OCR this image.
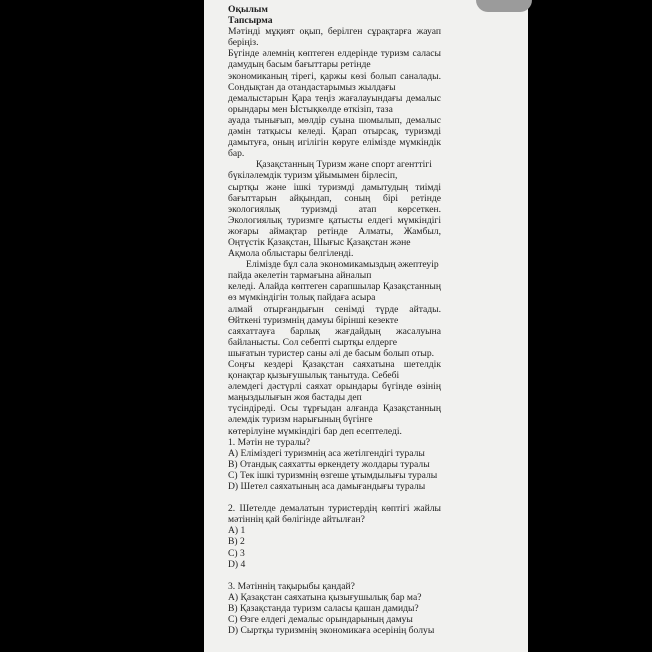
Оқылым
Тапсырма
Мәтінді мұқият оқып, берілген сұрақтарға жауап
беріңіз.
Бүгінде әлемнің көптеген елдерінде туризм саласы
дамудың басым бағыттары ретінде
экономиканың тірегі, қаржы көзі болып саналады.
Сондықтан да отандастарымыз жылдағы
демалыстарын Қара теңіз жағалауындағы демалыс
орындары мен Ыстықкөлде өткізіп, таза
ауада тынығып, мөлдір суына шомылып, демалыс
дәмін татқысы келеді. Қарап отырсақ, туризмді
дамытуға, оның игілігін көруге елімізде мүмкіндік
бар.
Қазақстанның Туризм және спорт агенттігі
бүкіләлемдік туризм ұйымымен бірлесіп,
сыртқы және ішкі туризмді дамытудың тиімді
бағыттарын айқындап, соның бірі ретінде
экологиялық туризмді атап көрсеткен.
Экологиялық туризмге қатысты елдегі мүмкіндігі
жоғары аймақтар ретінде Алматы, Жамбыл,
Оңтүстік Қазақстан, Шығыс Қазақстан және
Ақмола облыстары белгіленді.
Елімізде бұл сала экономикамыздың әжептеуір
пайда әкелетін тармағына айналып
келеді. Алайда көптеген сарапшылар Қазақстанның
өз мүмкіндігін толық пайдаға асыра
алмай отырғандығын сенімді түрде айтады.
Өйткені туризмнің дамуы бірінші кезекте
саяхаттауға барлық жағдайдың жасалуына
байланысты. Сол себепті сыртқы елдерге
шығатын туристер саны әлі де басым болып отыр.
Соңғы кездері Қазақстан саяхатына шетелдік
қонақтар қызығушылық танытуда. Себебі
әлемдегі дәстүрлі саяхат орындары бүгінде өзінің
маңыздылығын жоя бастады деп
түсіндіреді. Осы тұрғыдан алғанда Қазақстанның
әлемдік туризм нарығының бүгінге
көтерілуіне мүмкіндігі бар деп есептеледі.
1. Мәтін не туралы?
A) Еліміздегі туризмнің аса жетілгендігі туралы
B) Отандық саяхатты өркендету жолдары туралы
C) Тек ішкі туризмнің өзгеше ұтымдылығы туралы
D) Шетел саяхатының аса дамығандығы туралы
2. Шетелде демалатын туристердің көптігі жайлы
мәтіннің қай бөлігінде айтылған?
A) 1
B) 2
C) 3
D) 4
3. Мәтіннің тақырыбы қандай?
A) Қазақстан саяхатына қызығушылық бар ма?
B) Қазақстанда туризм саласы қашан дамиды?
C) Өзге елдегі демалыс орындарының дамуы
D) Сыртқы туризмнің экономикаға әсерінің болуы
